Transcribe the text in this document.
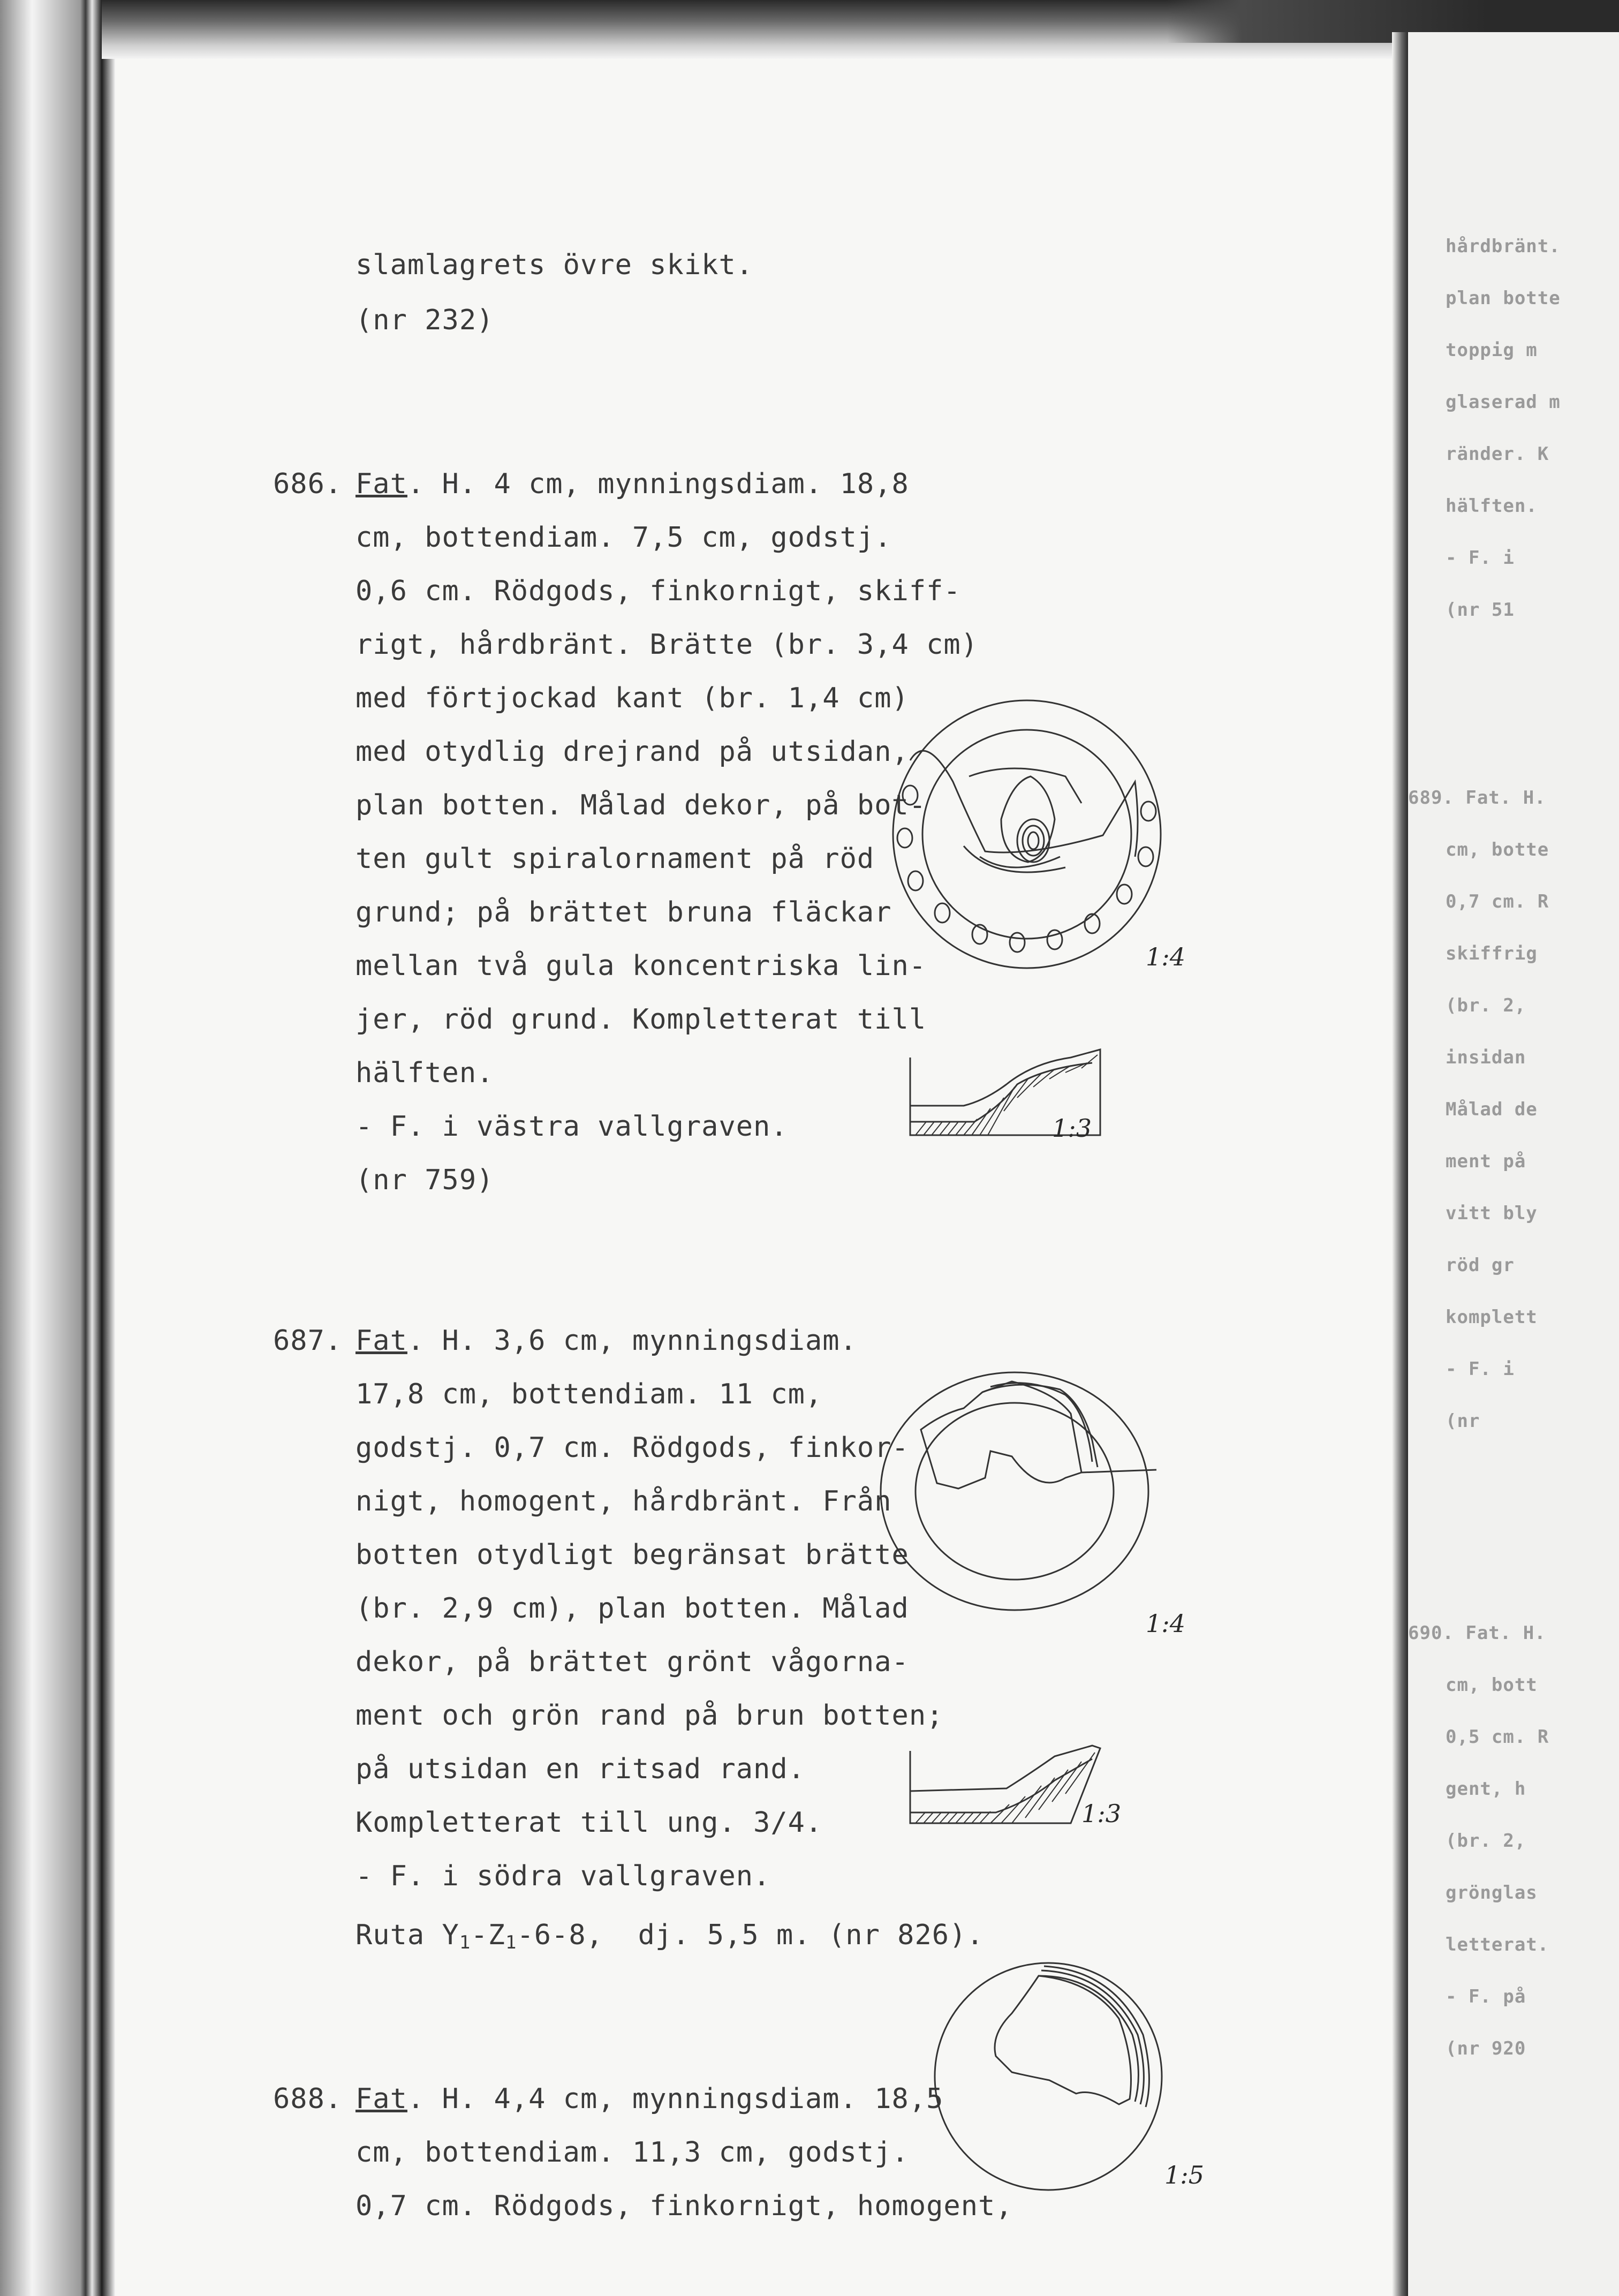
hårdbränt.
plan botte
toppig m
glaserad m
ränder. K
hälften.
- F. i
(nr 51
689. Fat. H.
cm, botte
0,7 cm. R
skiffrig
(br. 2,
insidan
Målad de
ment på
vitt bly
röd gr
komplett
- F. i
(nr
690. Fat. H.
cm, bott
0,5 cm. R
gent, h
(br. 2,
grönglas
letterat.
- F. på
(nr 920
slamlagrets övre skikt.
(nr 232)
686. Fat. H. 4 cm, mynningsdiam. 18,8
cm, bottendiam. 7,5 cm, godstj.
0,6 cm. Rödgods, finkornigt, skiff-
rigt, hårdbränt. Brätte (br. 3,4 cm)
med förtjockad kant (br. 1,4 cm)
med otydlig drejrand på utsidan,
plan botten. Målad dekor, på bot-
ten gult spiralornament på röd
grund; på brättet bruna fläckar
mellan två gula koncentriska lin-
jer, röd grund. Kompletterat till
hälften.
- F. i västra vallgraven.
(nr 759)
687. Fat. H. 3,6 cm, mynningsdiam.
17,8 cm, bottendiam. 11 cm,
godstj. 0,7 cm. Rödgods, finkor-
nigt, homogent, hårdbränt. Från
botten otydligt begränsat brätte
(br. 2,9 cm), plan botten. Målad
dekor, på brättet grönt vågorna-
ment och grön rand på brun botten;
på utsidan en ritsad rand.
Kompletterat till ung. 3/4.
- F. i södra vallgraven.
Ruta $Y_1-Z_1-6-8$,  dj. 5,5 m. (nr 826).
688. Fat. H. 4,4 cm, mynningsdiam. 18,5
cm, bottendiam. 11,3 cm, godstj.
0,7 cm. Rödgods, finkornigt, homogent,
1:4
1:3
1:4
1:3
1:5
